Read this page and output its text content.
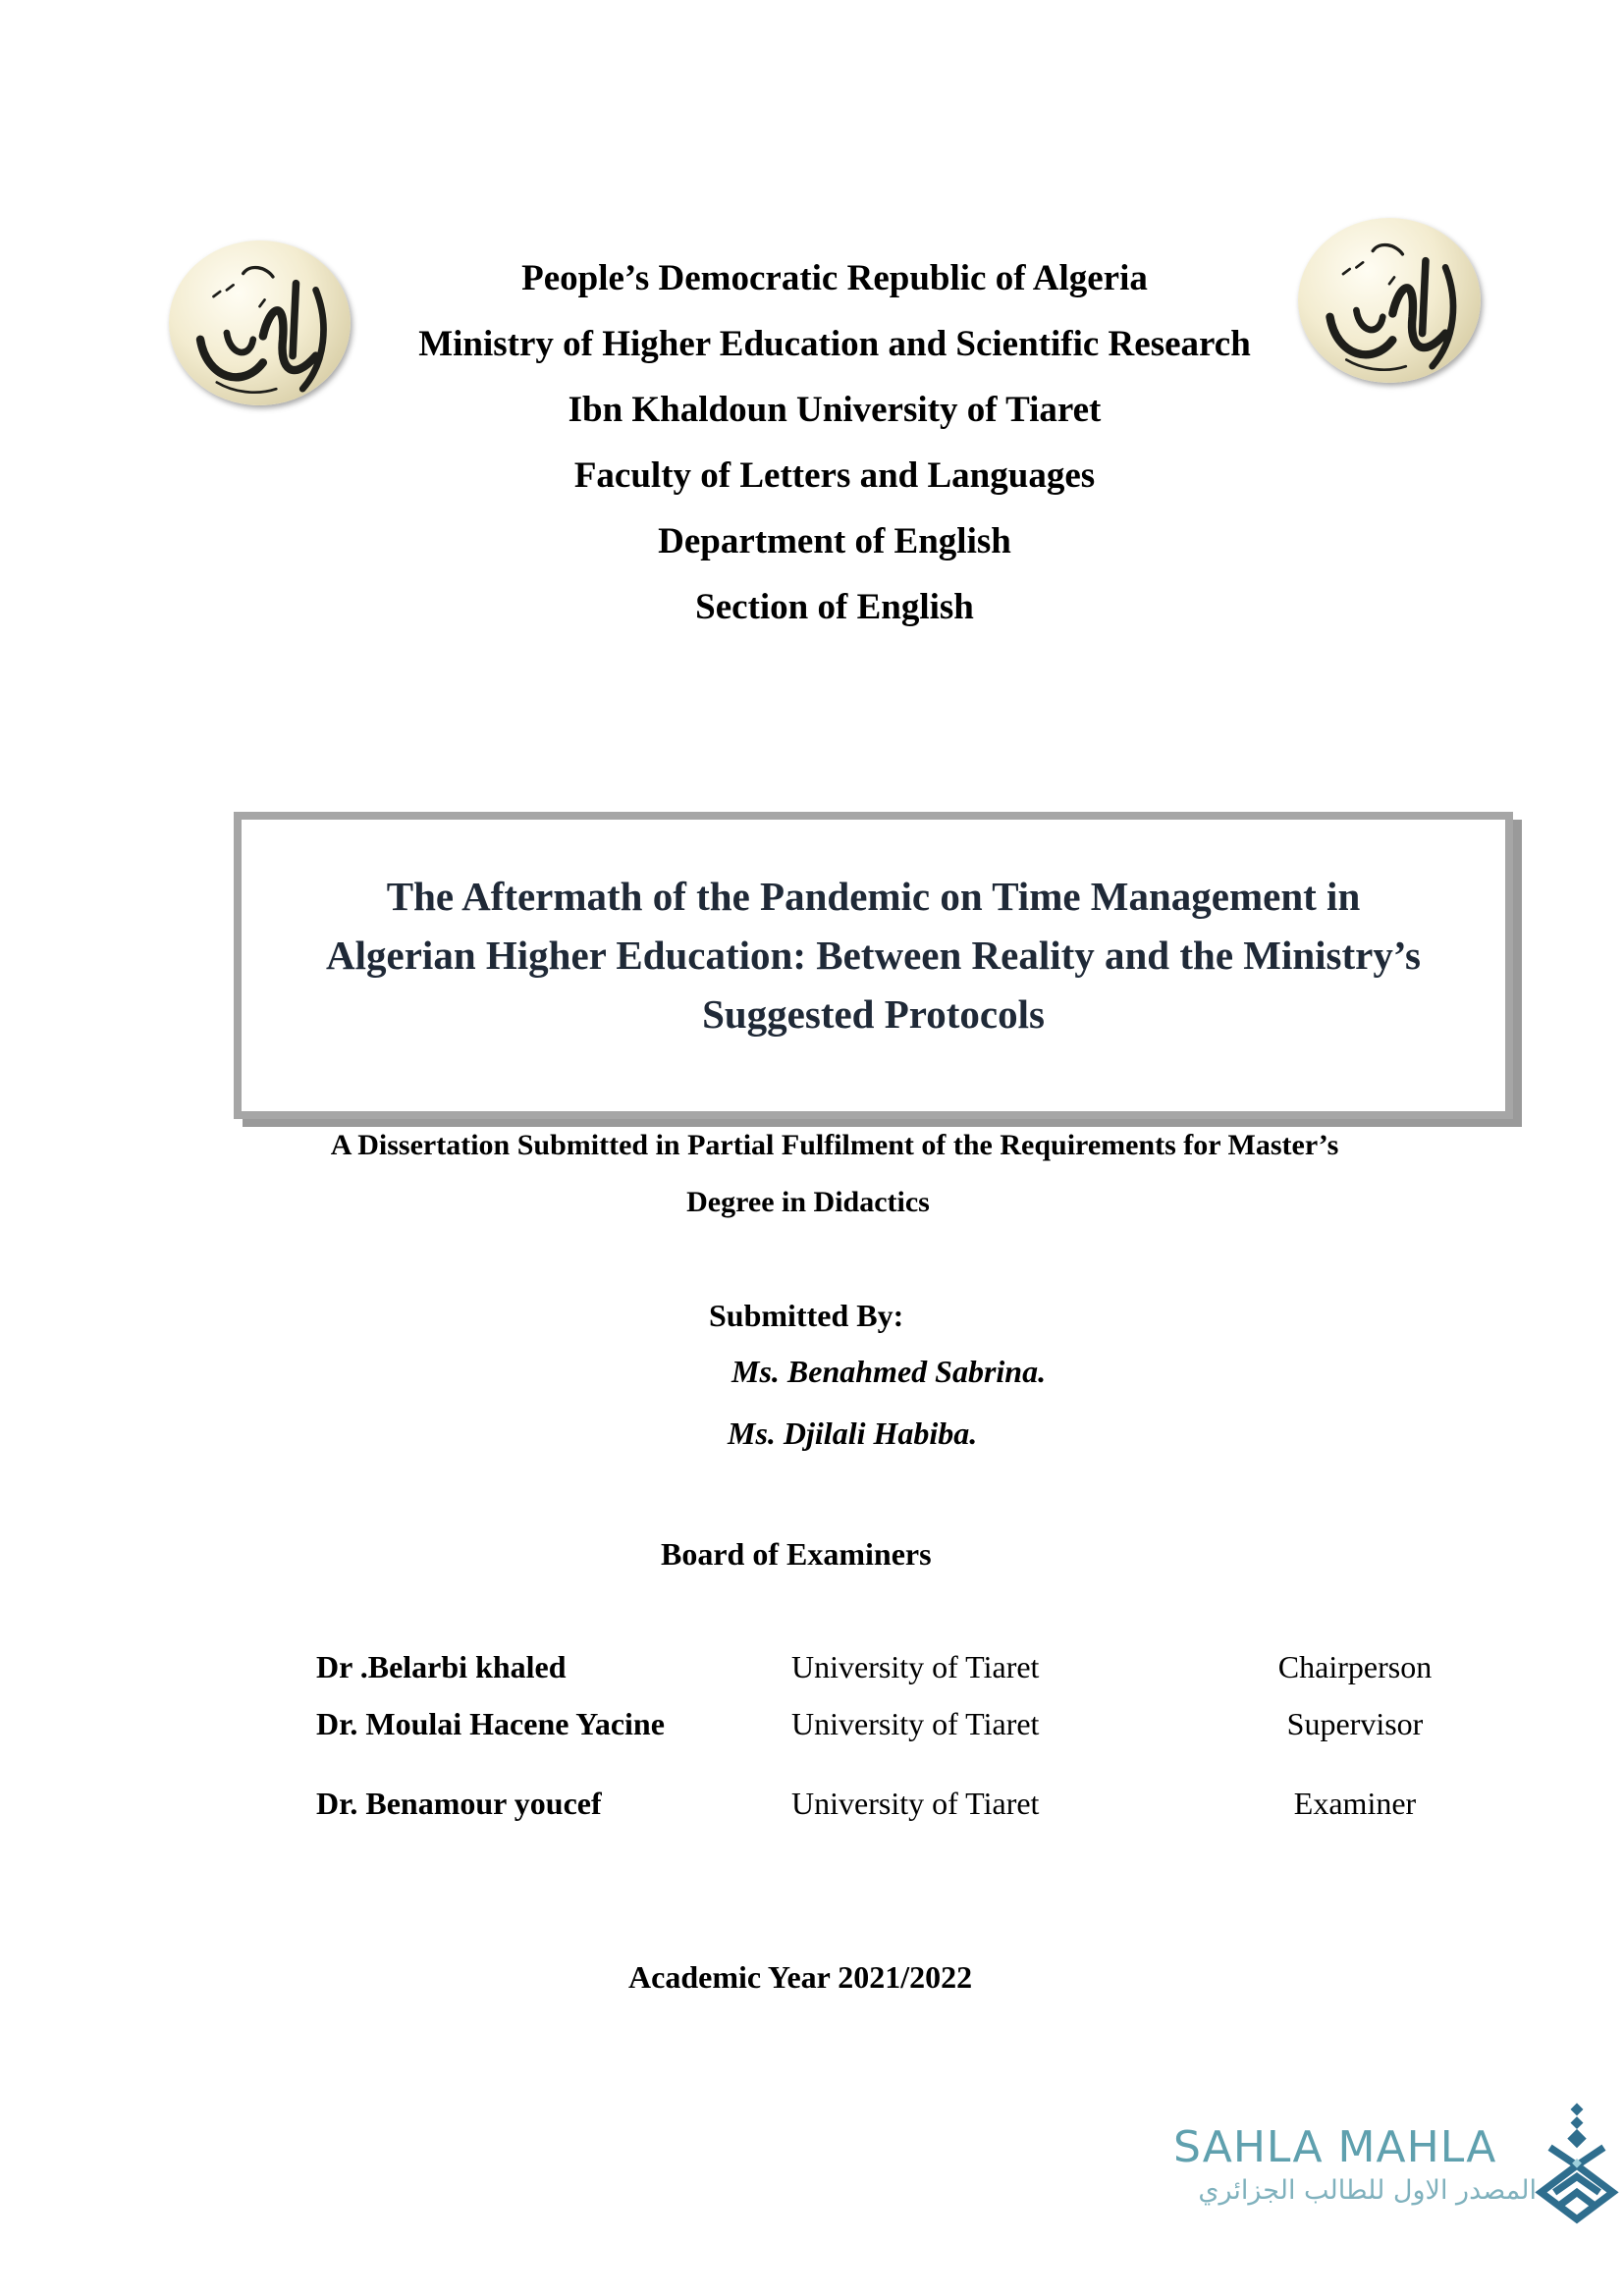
People’s Democratic Republic of Algeria
Ministry of Higher Education and Scientific Research
Ibn Khaldoun University of Tiaret
Faculty of Letters and Languages
Department of English
Section of English
The Aftermath of the Pandemic on Time Management in
Algerian Higher Education: Between Reality and the Ministry’s
Suggested Protocols
A Dissertation Submitted in Partial Fulfilment of the Requirements for Master’s
Degree in Didactics
Submitted By:
Ms. Benahmed Sabrina.
Ms. Djilali Habiba.
Board of Examiners
Dr .Belarbi khaled	University of Tiaret	Chairperson
Dr. Moulai Hacene Yacine	University of Tiaret	Supervisor
Dr. Benamour youcef	University of Tiaret	Examiner
Academic Year 2021/2022
SAHLA MAHLA
المصدر الاول للطالب الجزائري
